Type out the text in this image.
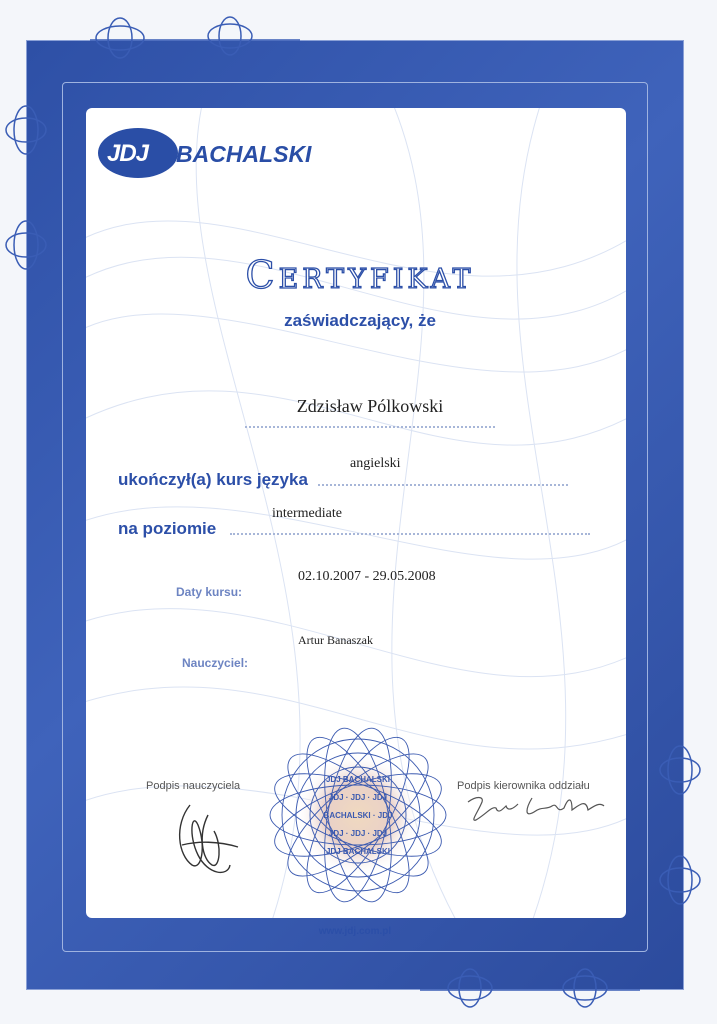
JDJ BACHALSKI
Certyfikat
zaświadczający, że
Zdzisław Pólkowski
ukończył(a) kurs języka
angielski
na poziomie
intermediate
02.10.2007 - 29.05.2008
Daty kursu:
Artur Banaszak
Nauczyciel:
Podpis nauczyciela	Podpis kierownika oddziału
JDJ BACHALSKI
JDJ · JDJ · JDJ
BACHALSKI · JDJ
JDJ · JDJ · JDJ
JDJ BACHALSKI
www.jdj.com.pl
